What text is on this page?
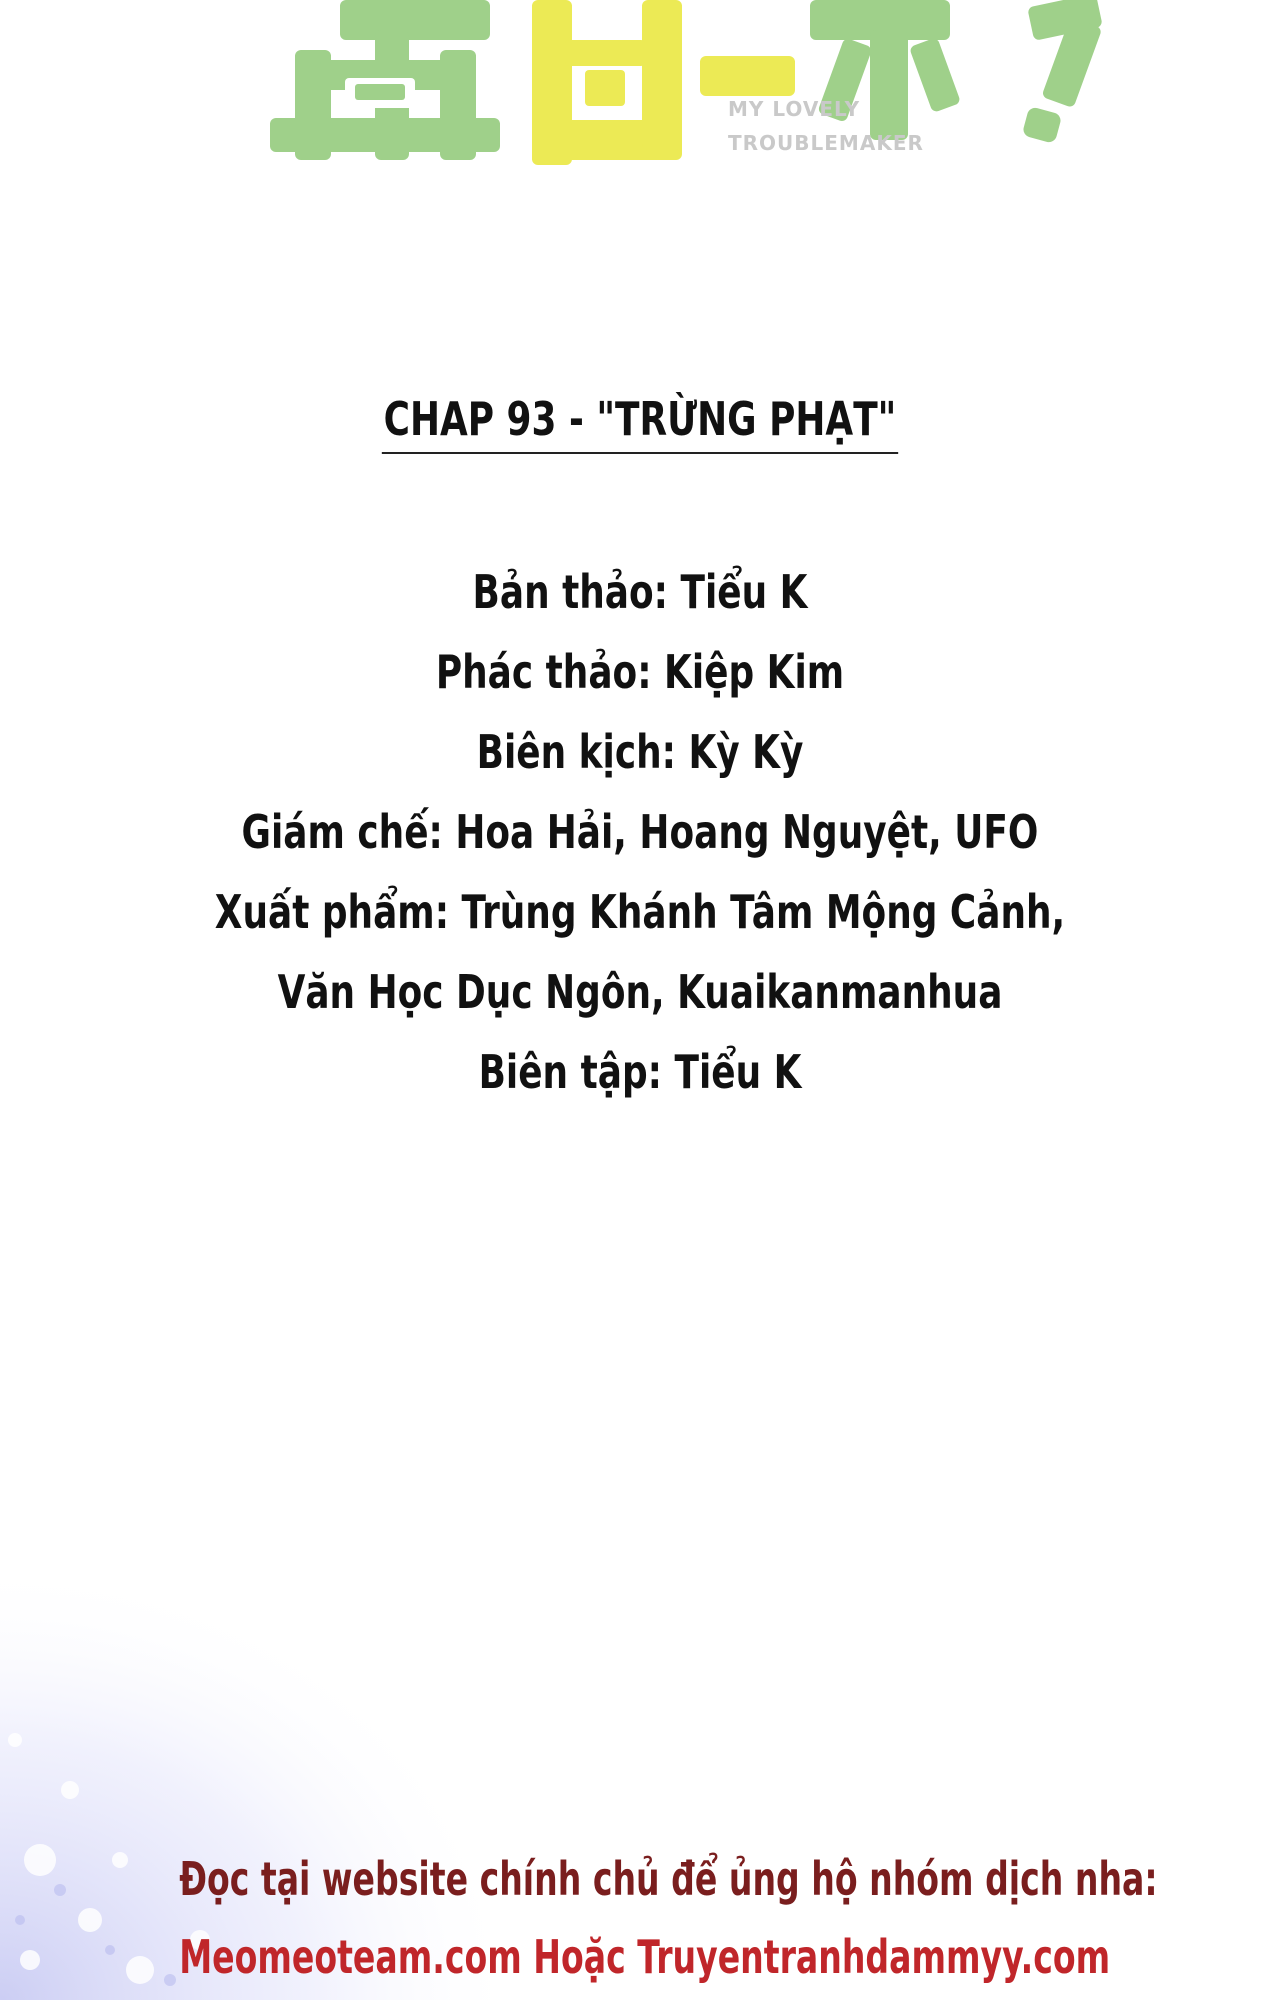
MY LOVELY
TROUBLEMAKER
CHAP 93 - "TRỪNG PHẠT"
Bản thảo: Tiểu K
Phác thảo: Kiệp Kim
Biên kịch: Kỳ Kỳ
Giám chế: Hoa Hải, Hoang Nguyệt, UFO
Xuất phẩm: Trùng Khánh Tâm Mộng Cảnh,
Văn Học Dục Ngôn, Kuaikanmanhua
Biên tập: Tiểu K
Đọc tại website chính chủ để ủng hộ nhóm dịch nha:
Meomeoteam.com Hoặc Truyentranhdammyy.com
